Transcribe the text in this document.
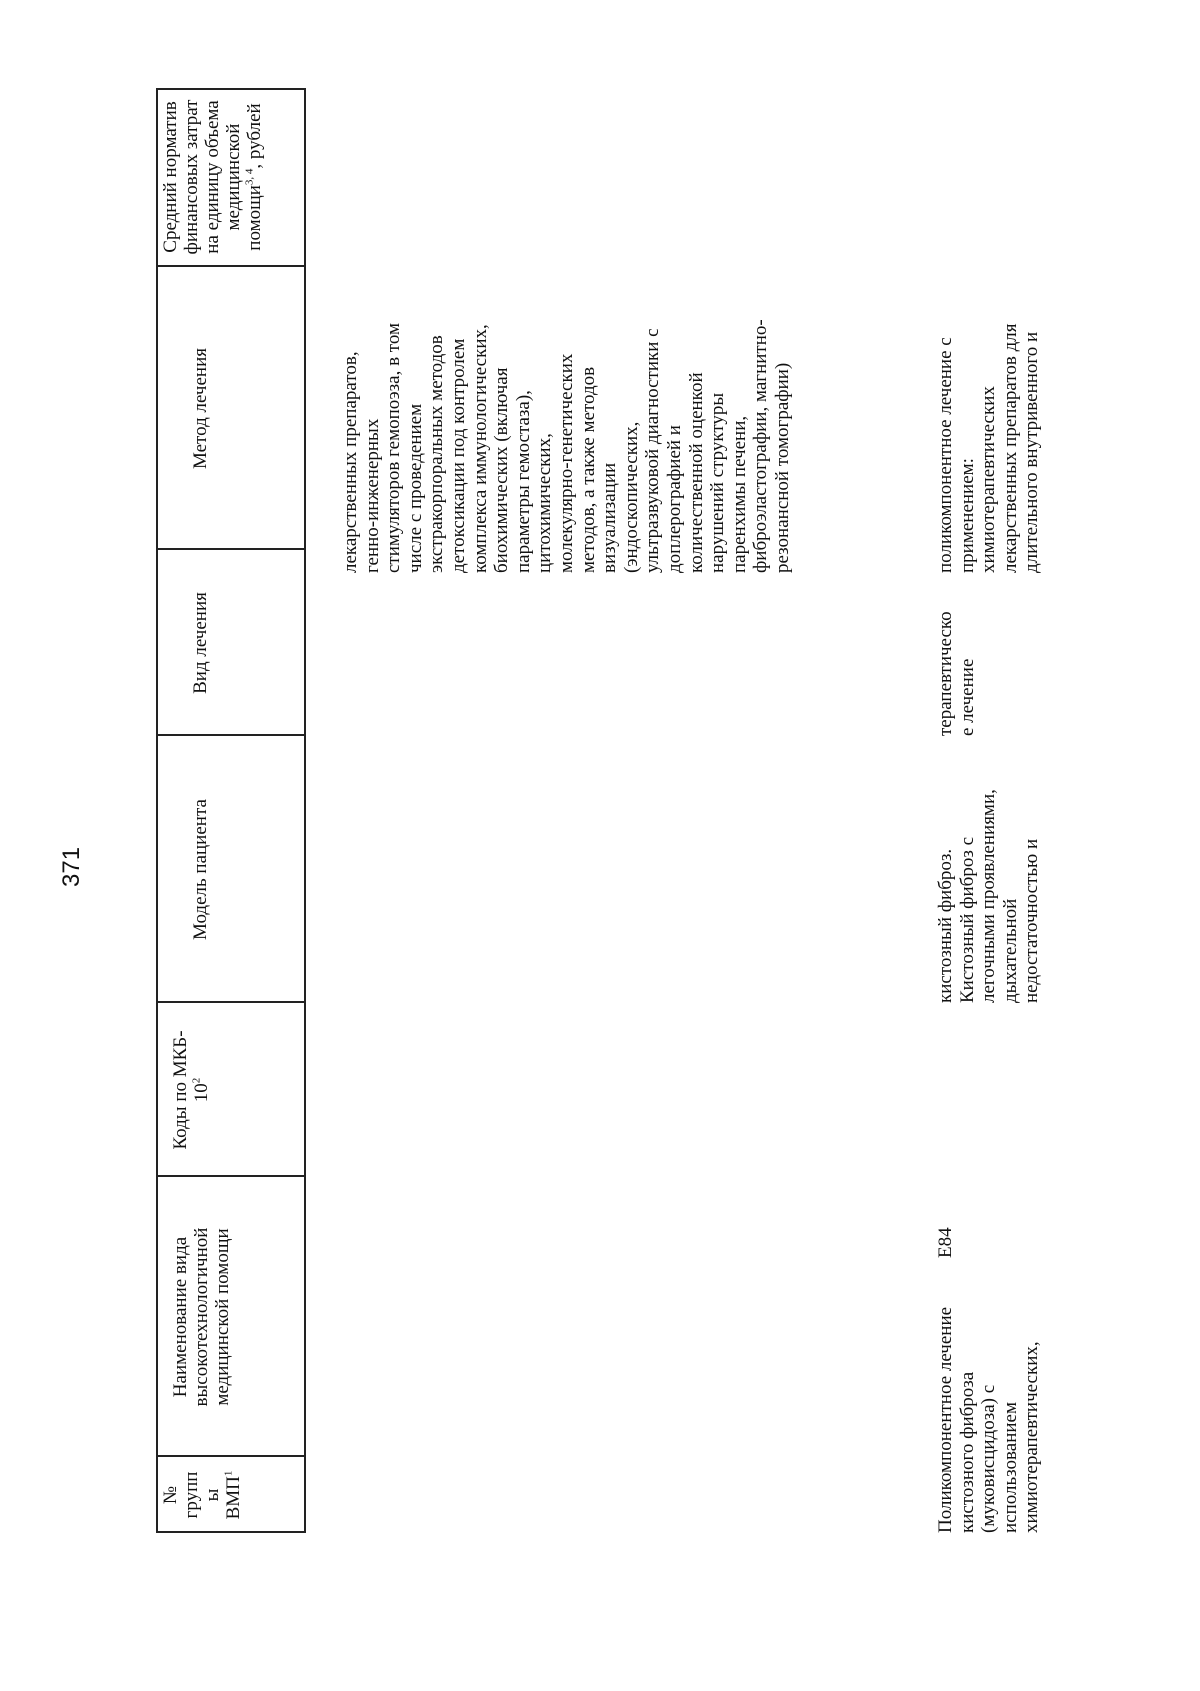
371
№
групп
ы
ВМП$^1$
Наименование вида
высокотехнологичной
медицинской помощи
Коды по МКБ-
$10^2$
Модель пациента
Вид лечения
Метод лечения
Средний норматив
финансовых затрат
на единицу объема
медицинской
помощи$^{3, 4}$, рублей
лекарственных препаратов,
генно-инженерных
стимуляторов гемопоэза, в том
числе с проведением
экстракорпоральных методов
детоксикации под контролем
комплекса иммунологических,
биохимических (включая
параметры гемостаза),
цитохимических,
молекулярно-генетических
методов, а также методов
визуализации
(эндоскопических,
ультразвуковой диагностики с
доплерографией и
количественной оценкой
нарушений структуры
паренхимы печени,
фиброэластографии, магнитно-
резонансной томографии)
Поликомпонентное лечение
кистозного фиброза
(муковисцидоза) с
использованием
химиотерапевтических,
E84
кистозный фиброз.
Кистозный фиброз с
легочными проявлениями,
дыхательной
недостаточностью и
терапевтическо
е лечение
поликомпонентное лечение с
применением:
химиотерапевтических
лекарственных препаратов для
длительного внутривенного и
